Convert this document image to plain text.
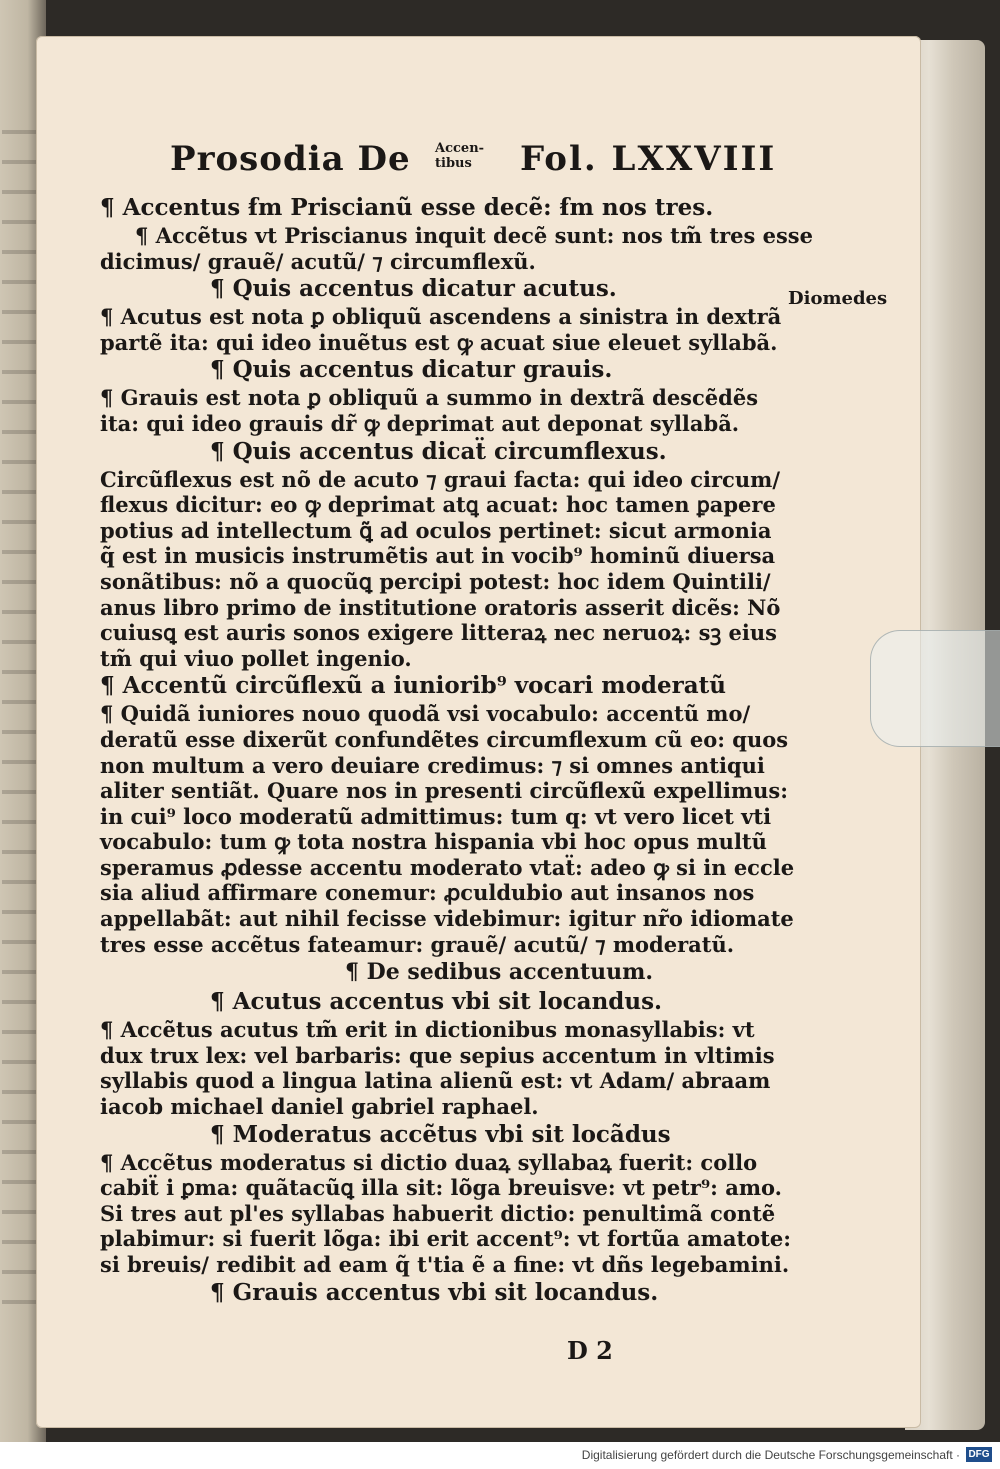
Prosodia De Accen-
tibus	Fol. LXXVIII
¶ Accentus ẜm Priscianũ esse decẽ: ẜm nos tres.
¶ Accẽtus vt Priscianus inquit decẽ sunt: nos tm̃ tres esse
dicimus/ grauẽ/ acutũ/ ⁊ circumflexũ.
¶ Quis accentus dicatur acutus.
¶ Acutus est nota ꝑ obliquũ ascendens a sinistra in dextrã
partẽ ita: qui ideo inuẽtus est ꝙ acuat siue eleuet syllabã.
¶ Quis accentus dicatur grauis.
¶ Grauis est nota ꝑ obliquũ a summo in dextrã descẽdẽs
ita: qui ideo grauis dr̃ ꝙ deprimat aut deponat syllabã.
¶ Quis accentus dicaẗ circumflexus.
Circũflexus est nõ de acuto ⁊ graui facta: qui ideo circum/
flexus dicitur: eo ꝙ deprimat atꝗ acuat: hoc tamen ꝑapere
potius ad intellectum ꝗ̃ ad oculos pertinet: sicut armonia
q̃ est in musicis instrumẽtis aut in vocib⁹ hominũ diuersa
sonãtibus: nõ a quocũꝗ percipi potest: hoc idem Quintili/
anus libro primo de institutione oratoris asserit dicẽs: Nõ
cuiusꝗ est auris sonos exigere litteraꝝ nec neruoꝝ: sꝫ eius
tm̃ qui viuo pollet ingenio.
¶ Accentũ circũflexũ a iuniorib⁹ vocari moderatũ
¶ Quidã iuniores nouo quodã vsi vocabulo: accentũ mo/
deratũ esse dixerũt confundẽtes circumflexum cũ eo: quos
non multum a vero deuiare credimus: ⁊ si omnes antiqui
aliter sentiãt. Quare nos in presenti circũflexũ expellimus:
in cui⁹ loco moderatũ admittimus: tum q: vt vero licet vti
vocabulo: tum ꝙ tota nostra hispania vbi hoc opus multũ
speramus ꝓdesse accentu moderato vtaẗ: adeo ꝙ si in eccle
sia aliud affirmare conemur: ꝓculdubio aut insanos nos
appellabãt: aut nihil fecisse videbimur: igitur nr̃o idiomate
tres esse accẽtus fateamur: grauẽ/ acutũ/ ⁊ moderatũ.
¶ De sedibus accentuum.
¶ Acutus accentus vbi sit locandus.
¶ Accẽtus acutus tm̃ erit in dictionibus monasyllabis: vt
dux trux lex: vel barbaris: que sepius accentum in vltimis
syllabis quod a lingua latina alienũ est: vt Adam/ abraam
iacob michael daniel gabriel raphael.
¶ Moderatus accẽtus vbi sit locãdus
¶ Accẽtus moderatus si dictio duaꝝ syllabaꝝ fuerit: collo
cabiẗ i ꝑma: quãtacũꝗ illa sit: lõga breuisve: vt petr⁹: amo.
Si tres aut pl'es syllabas habuerit dictio: penultimã contẽ
plabimur: si fuerit lõga: ibi erit accent⁹: vt fortũa amatote:
si breuis/ redibit ad eam q̃ t'tia ẽ a fine: vt dñs legebamini.
¶ Grauis accentus vbi sit locandus.
Diomedes
D 2
Digitalisierung gefördert durch die Deutsche Forschungsgemeinschaft · DFG
